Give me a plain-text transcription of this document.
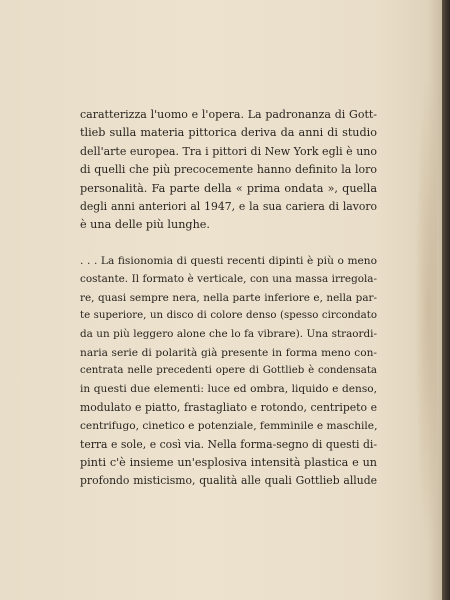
caratterizza l'uomo e l'opera. La padronanza di Gott-
tlieb sulla materia pittorica deriva da anni di studio
dell'arte europea. Tra i pittori di New York egli è uno
di quelli che più precocemente hanno definito la loro
personalità. Fa parte della « prima ondata », quella
degli anni anteriori al 1947, e la sua cariera di lavoro
è una delle più lunghe.
. . . La fisionomia di questi recenti dipinti è più o meno
costante. Il formato è verticale, con una massa irregola-
re, quasi sempre nera, nella parte inferiore e, nella par-
te superiore, un disco di colore denso (spesso circondato
da un più leggero alone che lo fa vibrare). Una straordi-
naria serie di polarità già presente in forma meno con-
centrata nelle precedenti opere di Gottlieb è condensata
in questi due elementi: luce ed ombra, liquido e denso,
modulato e piatto, frastagliato e rotondo, centripeto e
centrifugo, cinetico e potenziale, femminile e maschile,
terra e sole, e così via. Nella forma-segno di questi di-
pinti c'è insieme un'esplosiva intensità plastica e un
profondo misticismo, qualità alle quali Gottlieb allude
